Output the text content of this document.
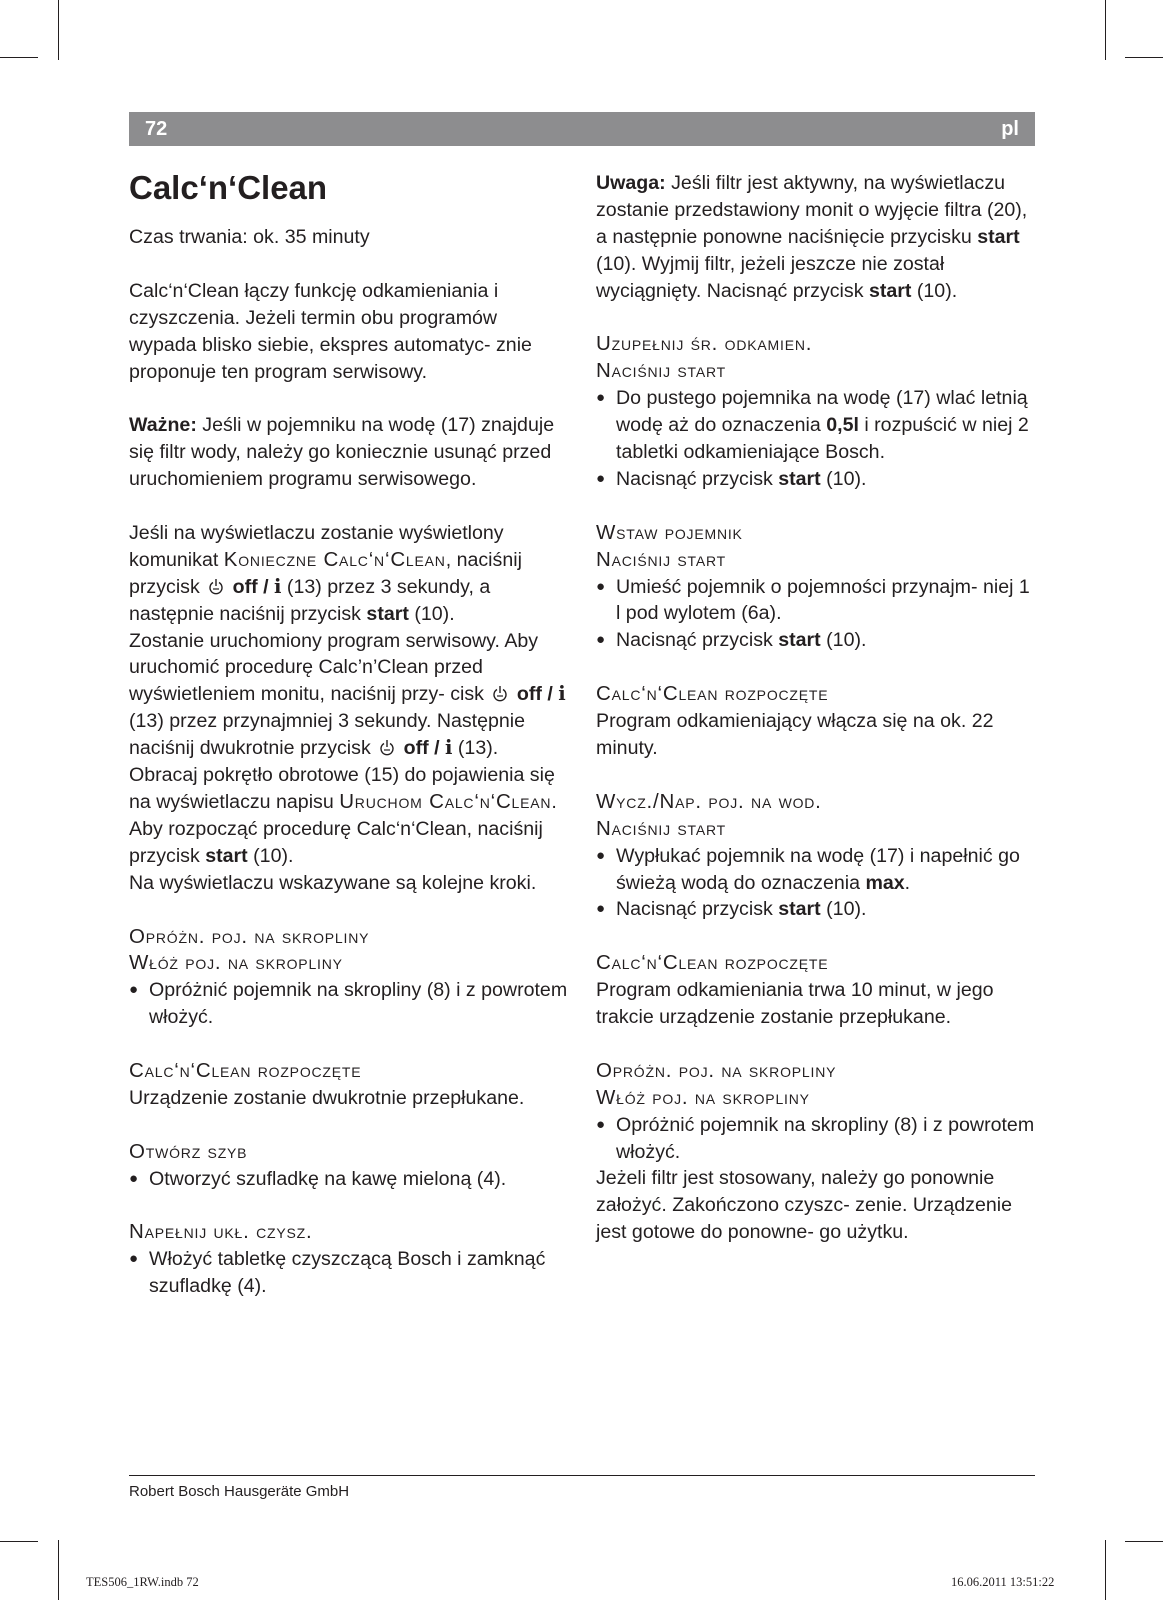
72	pl
Calc‘n‘Clean

Czas trwania: ok. 35 minuty

Calc‘n‘Clean łączy funkcję odkamieniania i czyszczenia. Jeżeli termin obu programów wypada blisko siebie, ekspres automatyc- znie proponuje ten program serwisowy.

Ważne: Jeśli w pojemniku na wodę (17) znajduje się filtr wody, należy go koniecznie usunąć przed uruchomieniem programu serwisowego.

Jeśli na wyświetlaczu zostanie wyświetlony komunikat Konieczne Calc‘n‘Clean, naciśnij przycisk  off / i (13) przez 3 sekundy, a następnie naciśnij przycisk start (10).

Zostanie uruchomiony program serwisowy. Aby uruchomić procedurę Calc’n’Clean przed wyświetleniem monitu, naciśnij przy- cisk  off / i (13) przez przynajmniej 3 sekundy. Następnie naciśnij dwukrotnie przycisk  off / i (13). Obracaj pokrętło obrotowe (15) do pojawienia się na wyświetlaczu napisu Uruchom Calc‘n‘Clean. Aby rozpocząć procedurę Calc‘n‘Clean, naciśnij przycisk start (10).

Na wyświetlaczu wskazywane są kolejne kroki.

Opróżn. poj. na skropliny

Włóż poj. na skropliny

● Opróżnić pojemnik na skropliny (8) i z powrotem włożyć.

Calc‘n‘Clean rozpoczęte

Urządzenie zostanie dwukrotnie przepłukane.

Otwórz szyb

● Otworzyć szufladkę na kawę mieloną (4).

Napełnij ukł. czysz.

● Włożyć tabletkę czyszczącą Bosch i zamknąć szufladkę (4).

Uwaga: Jeśli filtr jest aktywny, na wyświetlaczu zostanie przedstawiony monit o wyjęcie filtra (20), a następnie ponowne naciśnięcie przycisku start (10). Wyjmij filtr, jeżeli jeszcze nie został wyciągnięty. Nacisnąć przycisk start (10).

Uzupełnij śr. odkamien.

Naciśnij start

● Do pustego pojemnika na wodę (17) wlać letnią wodę aż do oznaczenia 0,5l i rozpuścić w niej 2 tabletki odkamieniające Bosch.
● Nacisnąć przycisk start (10).

Wstaw pojemnik

Naciśnij start

● Umieść pojemnik o pojemności przynajm- niej 1 l pod wylotem (6a).
● Nacisnąć przycisk start (10).

Calc‘n‘Clean rozpoczęte

Program odkamieniający włącza się na ok. 22 minuty.

Wycz./Nap. poj. na wod.

Naciśnij start

● Wypłukać pojemnik na wodę (17) i napełnić go świeżą wodą do oznaczenia max.
● Nacisnąć przycisk start (10).

Calc‘n‘Clean rozpoczęte

Program odkamieniania trwa 10 minut, w jego trakcie urządzenie zostanie przepłukane.

Opróżn. poj. na skropliny

Włóż poj. na skropliny

● Opróżnić pojemnik na skropliny (8) i z powrotem włożyć.

Jeżeli filtr jest stosowany, należy go ponownie założyć. Zakończono czyszc- zenie. Urządzenie jest gotowe do ponowne- go użytku.

Robert Bosch Hausgeräte GmbH
TES506_1RW.indb 72	16.06.2011 13:51:22
